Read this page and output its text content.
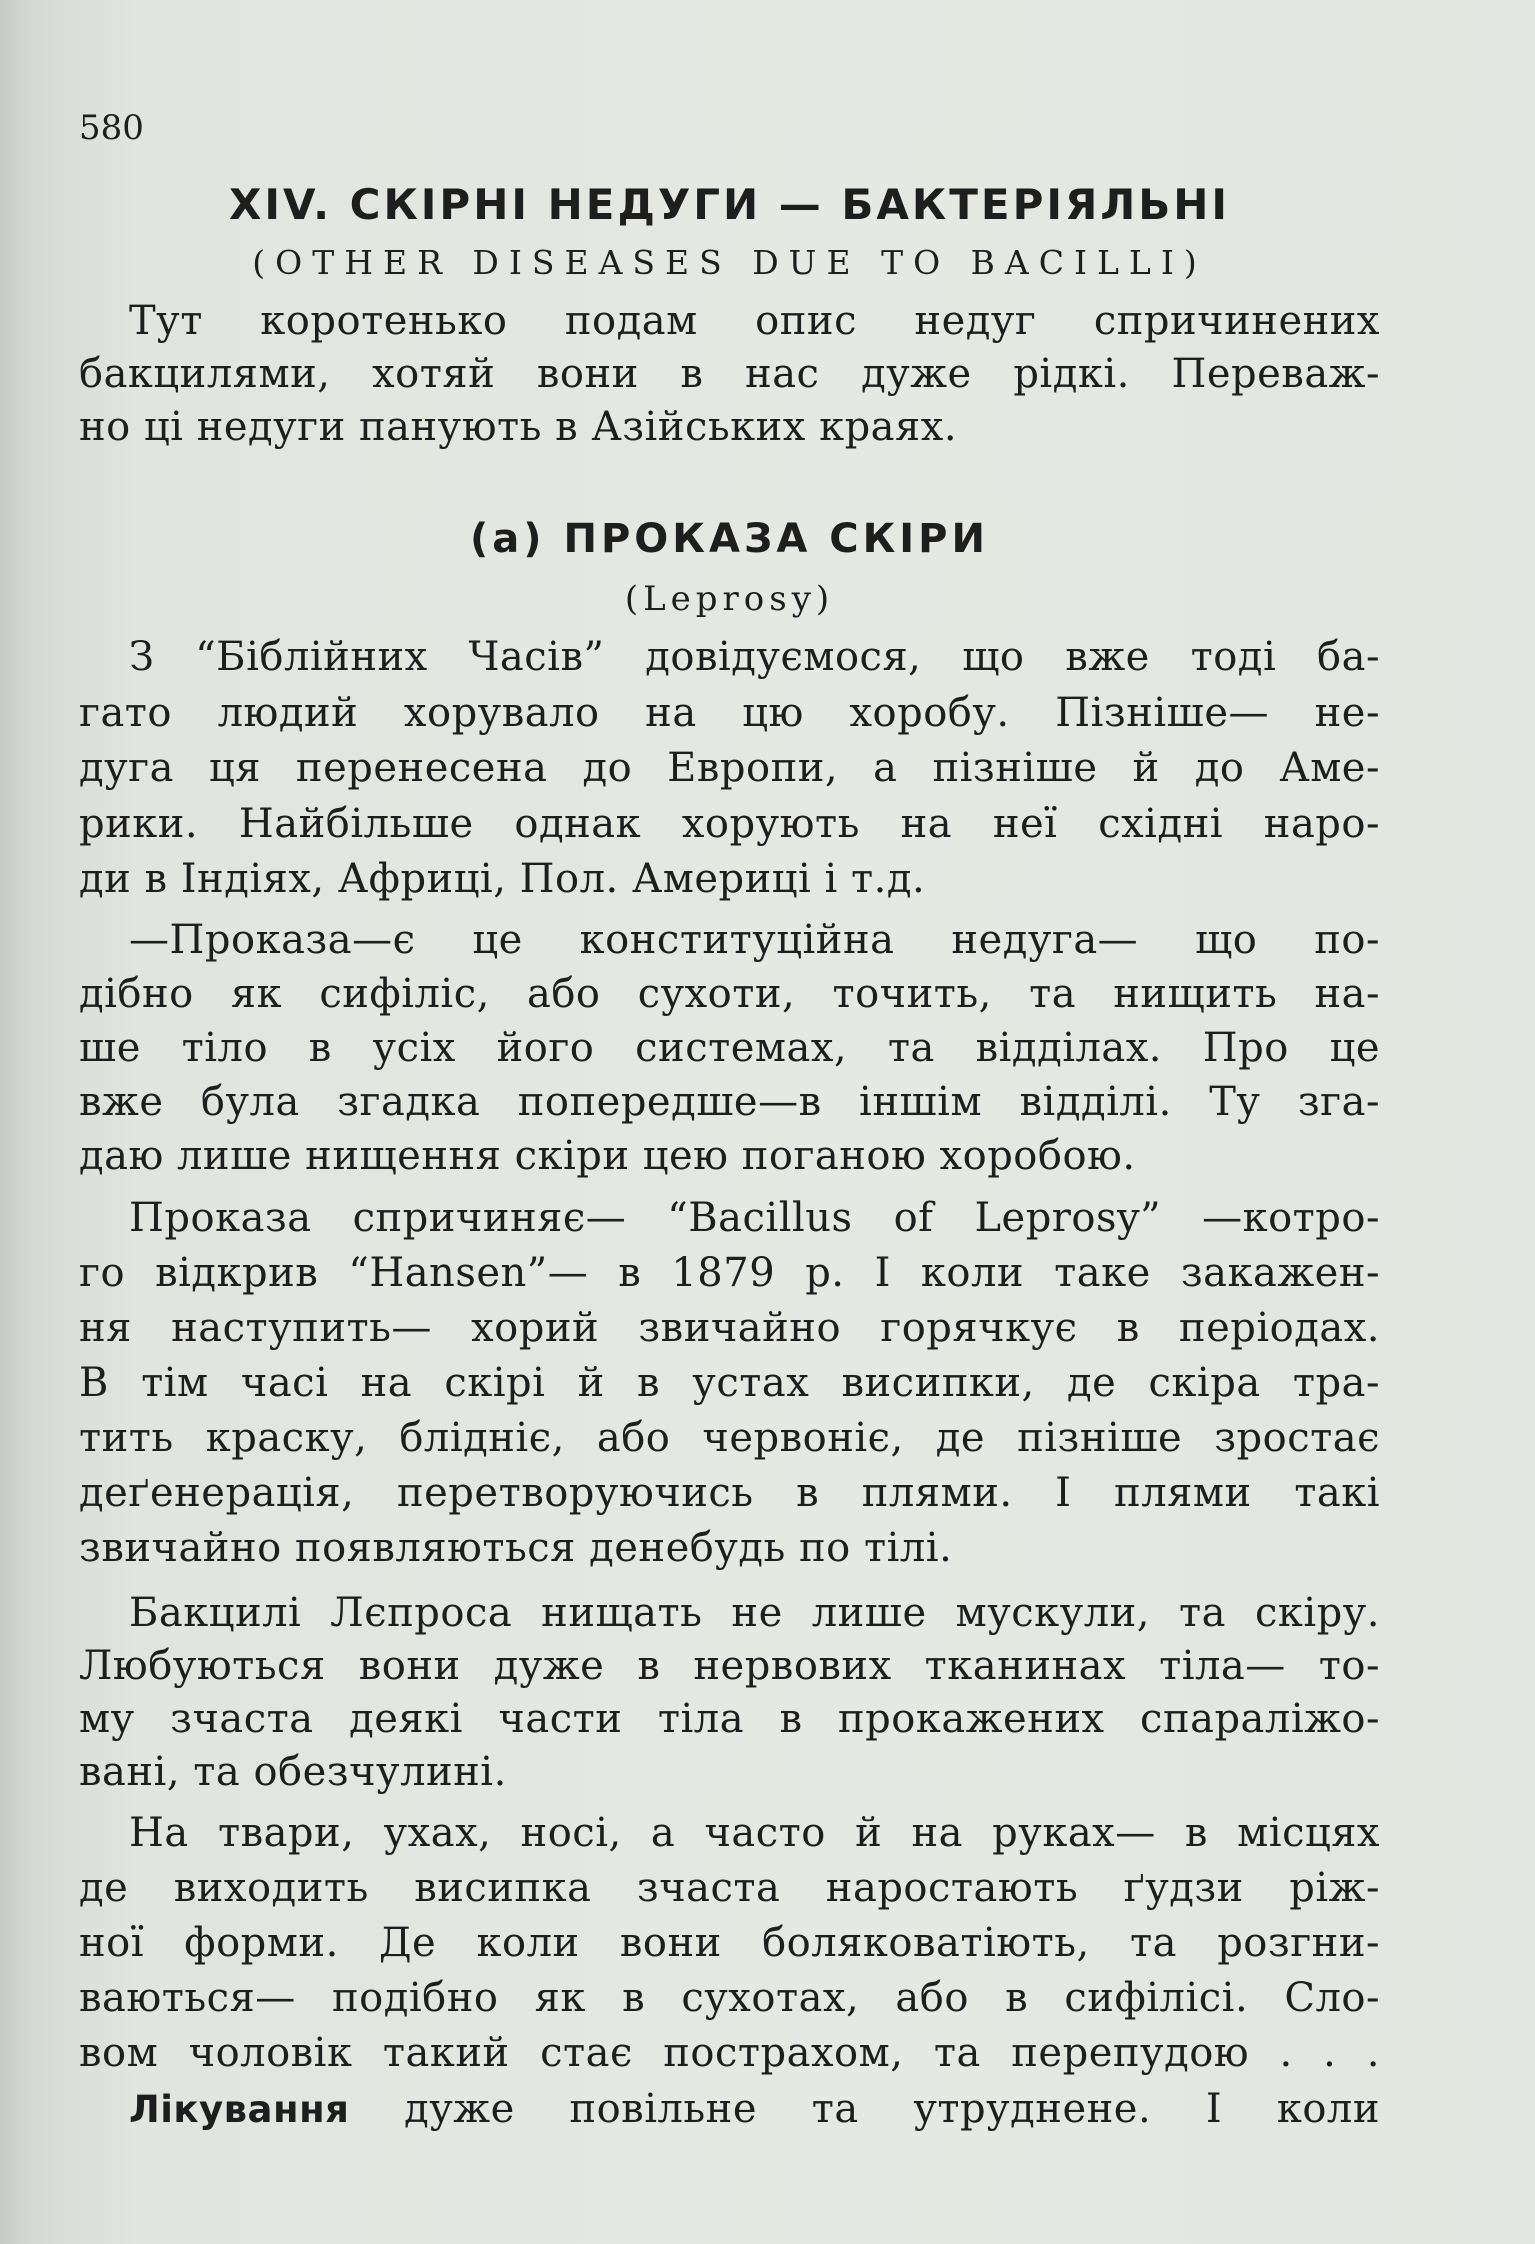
580
XIV. СКІРНІ НЕДУГИ — БАКТЕРІЯЛЬНІ
(OTHER DISEASES DUE TO BACILLI)
Тут коротенько подам опис недуг спричинених
бакцилями, хотяй вони в нас дуже рідкі. Переваж-
но ці недуги панують в Азійських краях.
(а) ПРОКАЗА СКІРИ
(Leprosy)
З “Біблійних Часів” довідуємося, що вже тоді ба-
гато людий хорувало на цю хоробу. Пізніше— не-
дуга ця перенесена до Европи, а пізніше й до Аме-
рики. Найбільше однак хорують на неї східні наро-
ди в Індіях, Африці, Пол. Америці і т.д.
—Проказа—є це конституційна недуга— що по-
дібно як сифіліс, або сухоти, точить, та нищить на-
ше тіло в усіх його системах, та відділах. Про це
вже була згадка попередше—в іншім відділі. Ту зга-
даю лише нищення скіри цею поганою хоробою.
Проказа спричиняє— “Bacillus of Leprosy” —котро-
го відкрив “Hansen”— в 1879 р. І коли таке закажен-
ня наступить— хорий звичайно горячкує в періодах.
В тім часі на скірі й в устах висипки, де скіра тра-
тить краску, блідніє, або червоніє, де пізніше зростає
деґенерація, перетворуючись в плями. І плями такі
звичайно появляються денебудь по тілі.
Бакцилі Лєпроса нищать не лише мускули, та скіру.
Любуються вони дуже в нервових тканинах тіла— то-
му зчаста деякі части тіла в прокажених спараліжо-
вані, та обезчулині.
На твари, ухах, носі, а часто й на руках— в місцях
де виходить висипка зчаста наростають ґудзи ріж-
ної форми. Де коли вони боляковатіють, та розгни-
ваються— подібно як в сухотах, або в сифілісі. Сло-
вом чоловік такий стає пострахом, та перепудою . . .
Лікування дуже повільне та утруднене. І коли
